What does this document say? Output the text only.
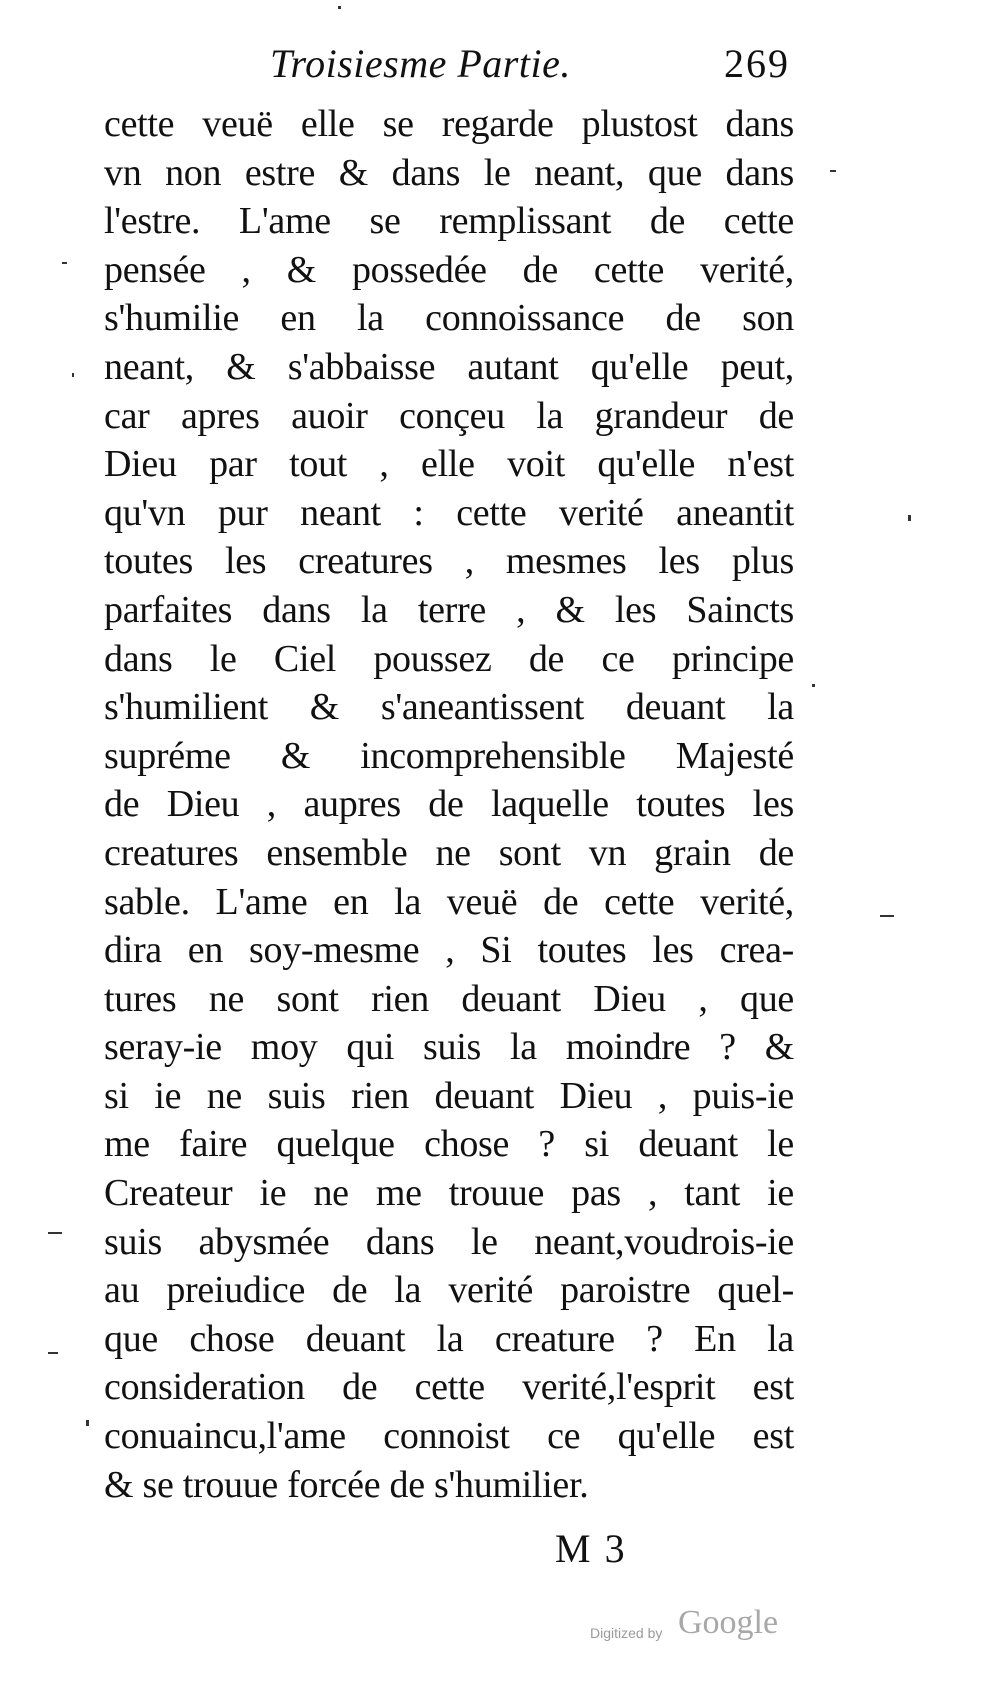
Troisiesme Partie.	269
cette veuë elle se regarde plustost dans
vn non estre & dans le neant, que dans
l'estre. L'ame se remplissant de cette
pensée , & possedée de cette verité,
s'humilie en la connoissance de son
neant, & s'abbaisse autant qu'elle peut,
car apres auoir conçeu la grandeur de
Dieu par tout , elle voit qu'elle n'est
qu'vn pur neant : cette verité aneantit
toutes les creatures , mesmes les plus
parfaites dans la terre , & les Saincts
dans le Ciel poussez de ce principe
s'humilient & s'aneantissent deuant la
supréme & incomprehensible Majesté
de Dieu , aupres de laquelle toutes les
creatures ensemble ne sont vn grain de
sable. L'ame en la veuë de cette verité,
dira en soy-mesme , Si toutes les crea-
tures ne sont rien deuant Dieu , que
seray-ie moy qui suis la moindre ? &
si ie ne suis rien deuant Dieu , puis-ie
me faire quelque chose ? si deuant le
Createur ie ne me trouue pas , tant ie
suis abysmée dans le neant,voudrois-ie
au preiudice de la verité paroistre quel-
que chose deuant la creature ? En la
consideration de cette verité,l'esprit est
conuaincu,l'ame connoist ce qu'elle est
& se trouue forcée de s'humilier.
M 3
Digitized by Google
